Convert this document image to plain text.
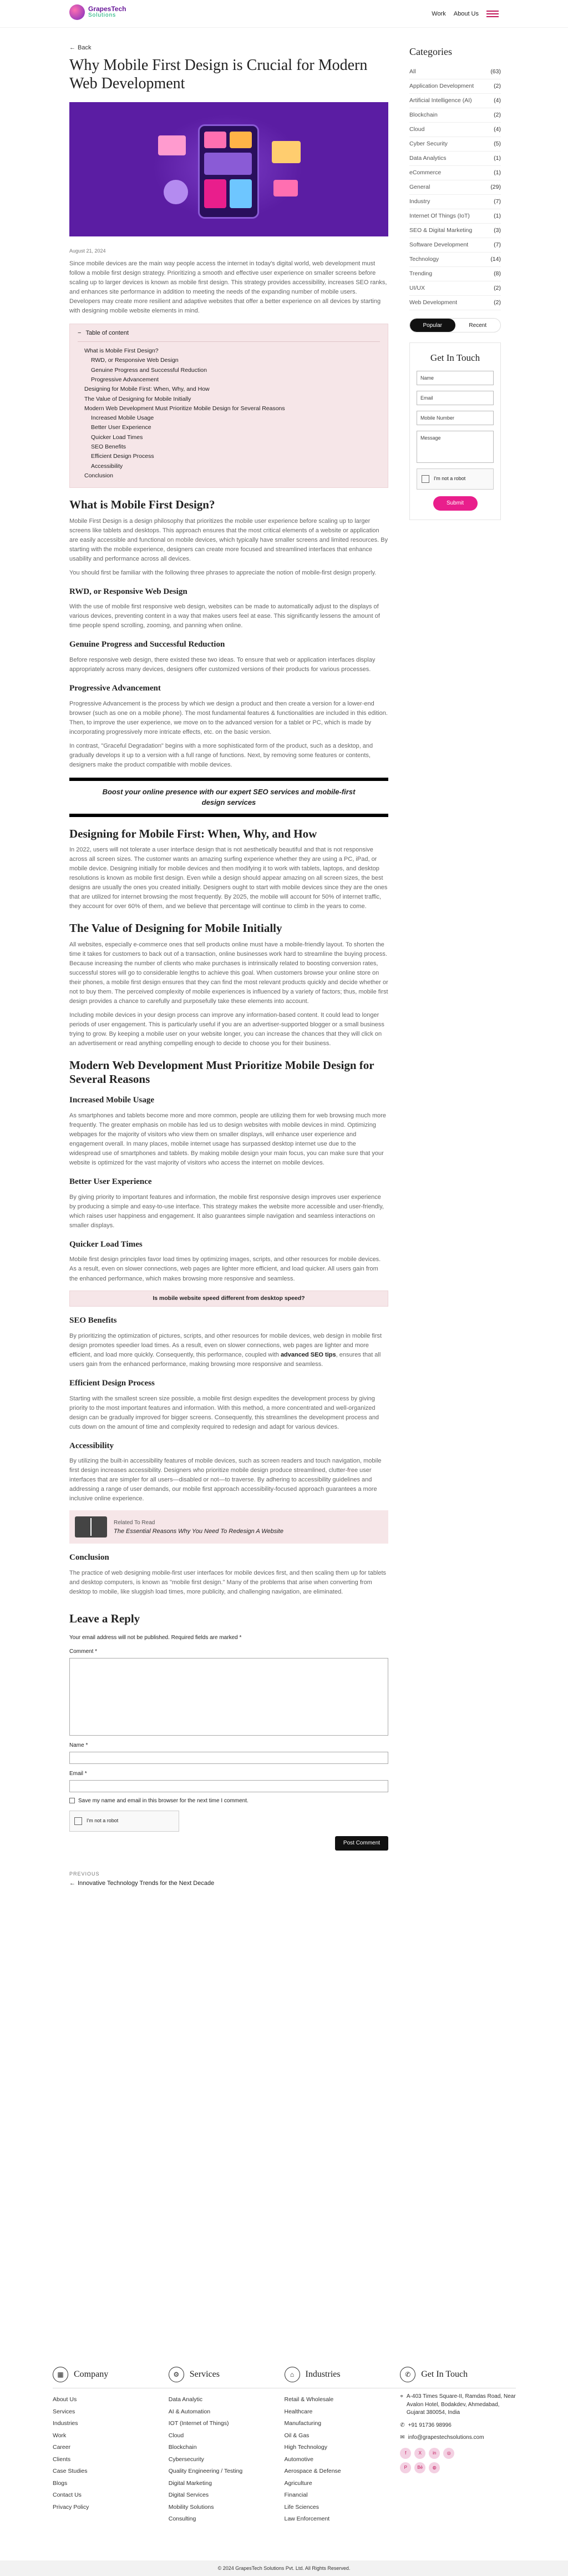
GrapesTech
Solutions	Work About Us
← Back
Why Mobile First Design is Crucial for Modern Web Development
August 21, 2024

Since mobile devices are the main way people access the internet in today's digital world, web development must follow a mobile first design strategy. Prioritizing a smooth and effective user experience on smaller screens before scaling up to larger devices is known as mobile first design. This strategy provides accessibility, increases SEO ranks, and enhances site performance in addition to meeting the needs of the expanding number of mobile users. Developers may create more resilient and adaptive websites that offer a better experience on all devices by starting with designing mobile website elements in mind.

− Table of content
What is Mobile First Design?
RWD, or Responsive Web Design
Genuine Progress and Successful Reduction
Progressive Advancement
Designing for Mobile First: When, Why, and How
The Value of Designing for Mobile Initially
Modern Web Development Must Prioritize Mobile Design for Several Reasons
Increased Mobile Usage
Better User Experience
Quicker Load Times
SEO Benefits
Efficient Design Process
Accessibility
Conclusion
What is Mobile First Design?

Mobile First Design is a design philosophy that prioritizes the mobile user experience before scaling up to larger screens like tablets and desktops. This approach ensures that the most critical elements of a website or application are easily accessible and functional on mobile devices, which typically have smaller screens and limited resources. By starting with the mobile experience, designers can create more focused and streamlined interfaces that enhance usability and performance across all devices.

You should first be familiar with the following three phrases to appreciate the notion of mobile-first design properly.

RWD, or Responsive Web Design

With the use of mobile first responsive web design, websites can be made to automatically adjust to the displays of various devices, preventing content in a way that makes users feel at ease. This significantly lessens the amount of time people spend scrolling, zooming, and panning when online.

Genuine Progress and Successful Reduction

Before responsive web design, there existed these two ideas. To ensure that web or application interfaces display appropriately across many devices, designers offer customized versions of their products for various processes.

Progressive Advancement

Progressive Advancement is the process by which we design a product and then create a version for a lower-end browser (such as one on a mobile phone). The most fundamental features & functionalities are included in this edition. Then, to improve the user experience, we move on to the advanced version for a tablet or PC, which is made by incorporating progressively more intricate effects, etc. on the basic version.

In contrast, "Graceful Degradation" begins with a more sophisticated form of the product, such as a desktop, and gradually develops it up to a version with a full range of functions. Next, by removing some features or contents, designers make the product compatible with mobile devices.

Boost your online presence with our expert SEO services and mobile-first design services
Designing for Mobile First: When, Why, and How

In 2022, users will not tolerate a user interface design that is not aesthetically beautiful and that is not responsive across all screen sizes. The customer wants an amazing surfing experience whether they are using a PC, iPad, or mobile device. Designing initially for mobile devices and then modifying it to work with tablets, laptops, and desktop resolutions is known as mobile first design. Even while a design should appear amazing on all screen sizes, the best designs are usually the ones you created initially. Designers ought to start with mobile devices since they are the ones that are utilized for internet browsing the most frequently. By 2025, the mobile will account for 50% of internet traffic, they account for over 60% of them, and we believe that percentage will continue to climb in the years to come.

The Value of Designing for Mobile Initially

All websites, especially e-commerce ones that sell products online must have a mobile-friendly layout. To shorten the time it takes for customers to back out of a transaction, online businesses work hard to streamline the buying process. Because increasing the number of clients who make purchases is intrinsically related to boosting conversion rates, successful stores will go to considerable lengths to achieve this goal. When customers browse your online store on their phones, a mobile first design ensures that they can find the most relevant products quickly and decide whether or not to buy them. The perceived complexity of mobile experiences is influenced by a variety of factors; thus, mobile first design provides a chance to carefully and purposefully take these elements into account.

Including mobile devices in your design process can improve any information-based content. It could lead to longer periods of user engagement. This is particularly useful if you are an advertiser-supported blogger or a small business trying to grow. By keeping a mobile user on your website longer, you can increase the chances that they will click on an advertisement or read anything compelling enough to decide to choose you for their business.

Modern Web Development Must Prioritize Mobile Design for Several Reasons
Increased Mobile Usage

As smartphones and tablets become more and more common, people are utilizing them for web browsing much more frequently. The greater emphasis on mobile has led us to design websites with mobile devices in mind. Optimizing webpages for the majority of visitors who view them on smaller displays, will enhance user experience and engagement overall. In many places, mobile internet usage has surpassed desktop internet use due to the widespread use of smartphones and tablets. By making mobile design your main focus, you can make sure that your website is optimized for the vast majority of visitors who access the internet on mobile devices.

Better User Experience

By giving priority to important features and information, the mobile first responsive design improves user experience by producing a simple and easy-to-use interface. This strategy makes the website more accessible and user-friendly, which raises user happiness and engagement. It also guarantees simple navigation and seamless interactions on smaller displays.

Quicker Load Times

Mobile first design principles favor load times by optimizing images, scripts, and other resources for mobile devices. As a result, even on slower connections, web pages are lighter more efficient, and load quicker. All users gain from the enhanced performance, which makes browsing more responsive and seamless.

Is mobile website speed different from desktop speed?
SEO Benefits

By prioritizing the optimization of pictures, scripts, and other resources for mobile devices, web design in mobile first design promotes speedier load times. As a result, even on slower connections, web pages are lighter and more efficient, and load more quickly. Consequently, this performance, coupled with advanced SEO tips, ensures that all users gain from the enhanced performance, making browsing more responsive and seamless.

Efficient Design Process

Starting with the smallest screen size possible, a mobile first design expedites the development process by giving priority to the most important features and information. With this method, a more concentrated and well-organized design can be gradually improved for bigger screens. Consequently, this streamlines the development process and cuts down on the amount of time and complexity required to redesign and adapt for various devices.

Accessibility

By utilizing the built-in accessibility features of mobile devices, such as screen readers and touch navigation, mobile first design increases accessibility. Designers who prioritize mobile design produce streamlined, clutter-free user interfaces that are simpler for all users—disabled or not—to traverse. By adhering to accessibility guidelines and addressing a range of user demands, our mobile first approach accessibility-focused approach guarantees a more inclusive online experience.

Related To Read
The Essential Reasons Why You Need To Redesign A Website
Conclusion

The practice of web designing mobile-first user interfaces for mobile devices first, and then scaling them up for tablets and desktop computers, is known as "mobile first design." Many of the problems that arise when converting from desktop to mobile, like sluggish load times, more publicity, and challenging navigation, are eliminated.

Leave a Reply
Your email address will not be published. Required fields are marked *
Comment *
Name *
Email *
Save my name and email in this browser for the next time I comment.
I'm not a robot
Post Comment
PREVIOUS
← Innovative Technology Trends for the Next Decade
Categories
All	(63)
Application Development	(2)
Artificial Intelligence (AI)	(4)
Blockchain	(2)
Cloud	(4)
Cyber Security	(5)
Data Analytics	(1)
eCommerce	(1)
General	(29)
Industry	(7)
Internet Of Things (IoT)	(1)
SEO & Digital Marketing	(3)
Software Development	(7)
Technology	(14)
Trending	(8)
UI/UX	(2)
Web Development	(2)
Popular	Recent
Get In Touch
Name
Email
Mobile Number
Message
I'm not a robot
Submit
▦	Company
About Us
Services
Industries
Work
Career
Clients
Case Studies
Blogs
Contact Us
Privacy Policy
⚙	Services
Data Analytic
AI & Automation
IOT (Internet of Things)
Cloud
Blockchain
Cybersecurity
Quality Engineering / Testing
Digital Marketing
Digital Services
Mobility Solutions
Consulting
⌂	Industries
Retail & Wholesale
Healthcare
Manufacturing
Oil & Gas
High Technology
Automotive
Aerospace & Defense
Agriculture
Financial
Life Sciences
Law Enforcement
✆	Get In Touch
⌖ A-403 Times Square-II, Ramdas Road, Near Avalon Hotel, Bodakdev, Ahmedabad, Gujarat 380054, India
✆ +91 91736 98996
✉ info@grapestechsolutions.com
f	X	in	◎
P	Bē	◍
© 2024 GrapesTech Solutions Pvt. Ltd. All Rights Reserved.
